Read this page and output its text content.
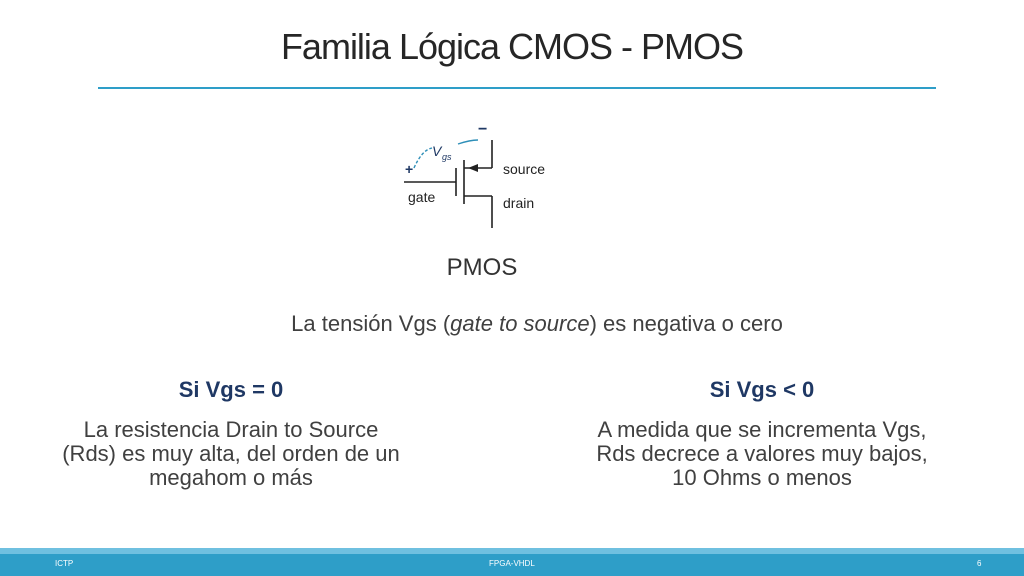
Familia Lógica CMOS - PMOS
−
+
V gs
source
drain
gate
PMOS
La tensión Vgs (gate to source) es negativa o cero
Si Vgs = 0
La resistencia Drain to Source (Rds) es muy alta, del orden de un megahom o más
Si Vgs < 0
A medida que se incrementa Vgs, Rds decrece a valores muy bajos, 10 Ohms o menos
ICTP	FPGA-VHDL	6
